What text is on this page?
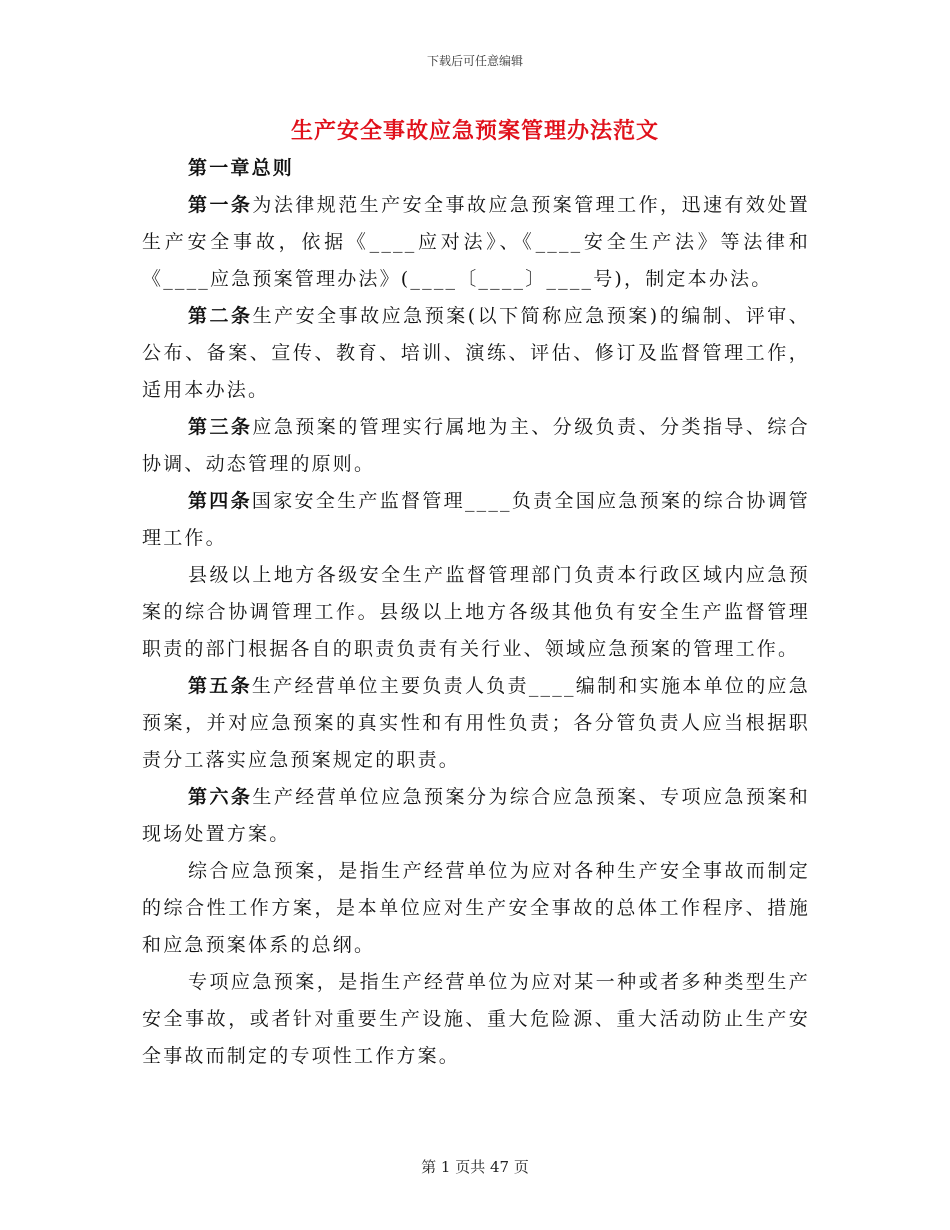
下载后可任意编辑
生产安全事故应急预案管理办法范文
第一章总则

第一条为法律规范生产安全事故应急预案管理工作，迅速有效处置生产安全事故，依据《____应对法》、《____安全生产法》等法律和《____应急预案管理办法》(____〔____〕____号)，制定本办法。

第二条生产安全事故应急预案(以下简称应急预案)的编制、评审、公布、备案、宣传、教育、培训、演练、评估、修订及监督管理工作，适用本办法。

第三条应急预案的管理实行属地为主、分级负责、分类指导、综合协调、动态管理的原则。

第四条国家安全生产监督管理____负责全国应急预案的综合协调管理工作。

县级以上地方各级安全生产监督管理部门负责本行政区域内应急预案的综合协调管理工作。县级以上地方各级其他负有安全生产监督管理职责的部门根据各自的职责负责有关行业、领域应急预案的管理工作。

第五条生产经营单位主要负责人负责____编制和实施本单位的应急预案，并对应急预案的真实性和有用性负责；各分管负责人应当根据职责分工落实应急预案规定的职责。

第六条生产经营单位应急预案分为综合应急预案、专项应急预案和现场处置方案。

综合应急预案，是指生产经营单位为应对各种生产安全事故而制定的综合性工作方案，是本单位应对生产安全事故的总体工作程序、措施和应急预案体系的总纲。

专项应急预案，是指生产经营单位为应对某一种或者多种类型生产安全事故，或者针对重要生产设施、重大危险源、重大活动防止生产安全事故而制定的专项性工作方案。

第 1 页共 47 页
